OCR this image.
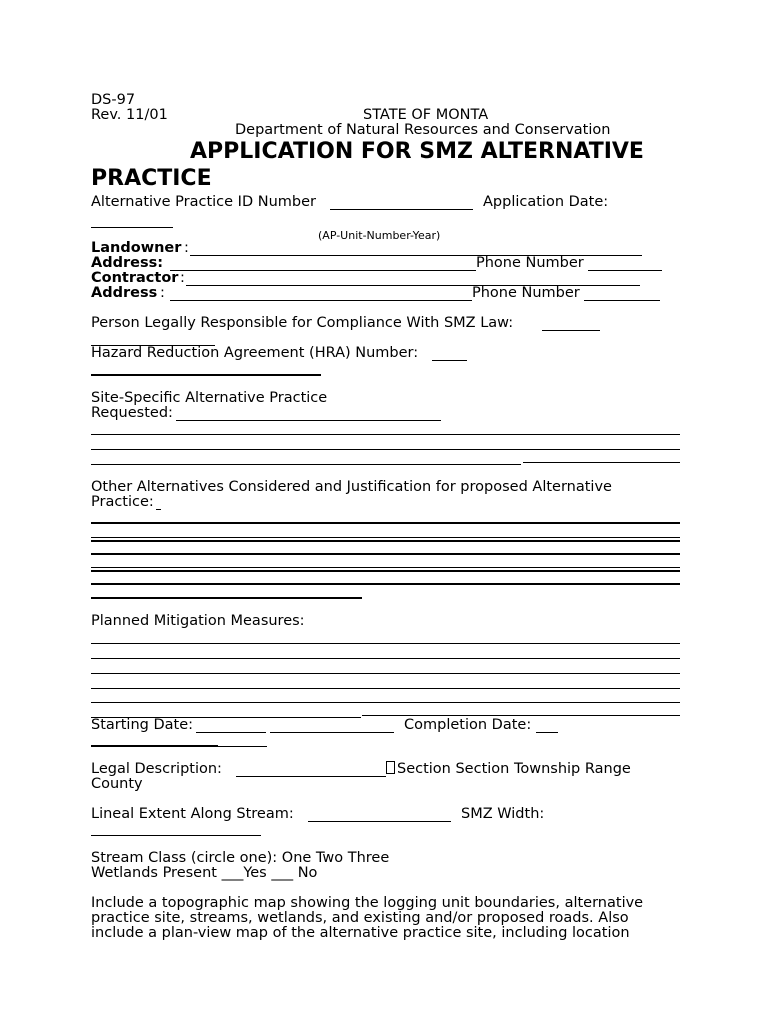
DS-97
Rev. 11/01	STATE OF MONTA
Department of Natural Resources and Conservation
APPLICATION FOR SMZ ALTERNATIVE
PRACTICE
Alternative Practice ID Number	Application Date:
(AP-Unit-Number-Year)
Landowner :
Address:	Phone Number
Contractor :
Address :	Phone Number
Person Legally Responsible for Compliance With SMZ Law:
Hazard Reduction Agreement (HRA) Number:
Site-Specific Alternative Practice
Requested:
Other Alternatives Considered and Justification for proposed Alternative
Practice:
Planned Mitigation Measures:
Starting Date:	Completion Date:
Legal Description:	Section Section Township Range
County
Lineal Extent Along Stream:	SMZ Width:
Stream Class (circle one): One Two Three
Wetlands Present ___Yes ___ No
Include a topographic map showing the logging unit boundaries, alternative
practice site, streams, wetlands, and existing and/or proposed roads. Also
include a plan-view map of the alternative practice site, including location
